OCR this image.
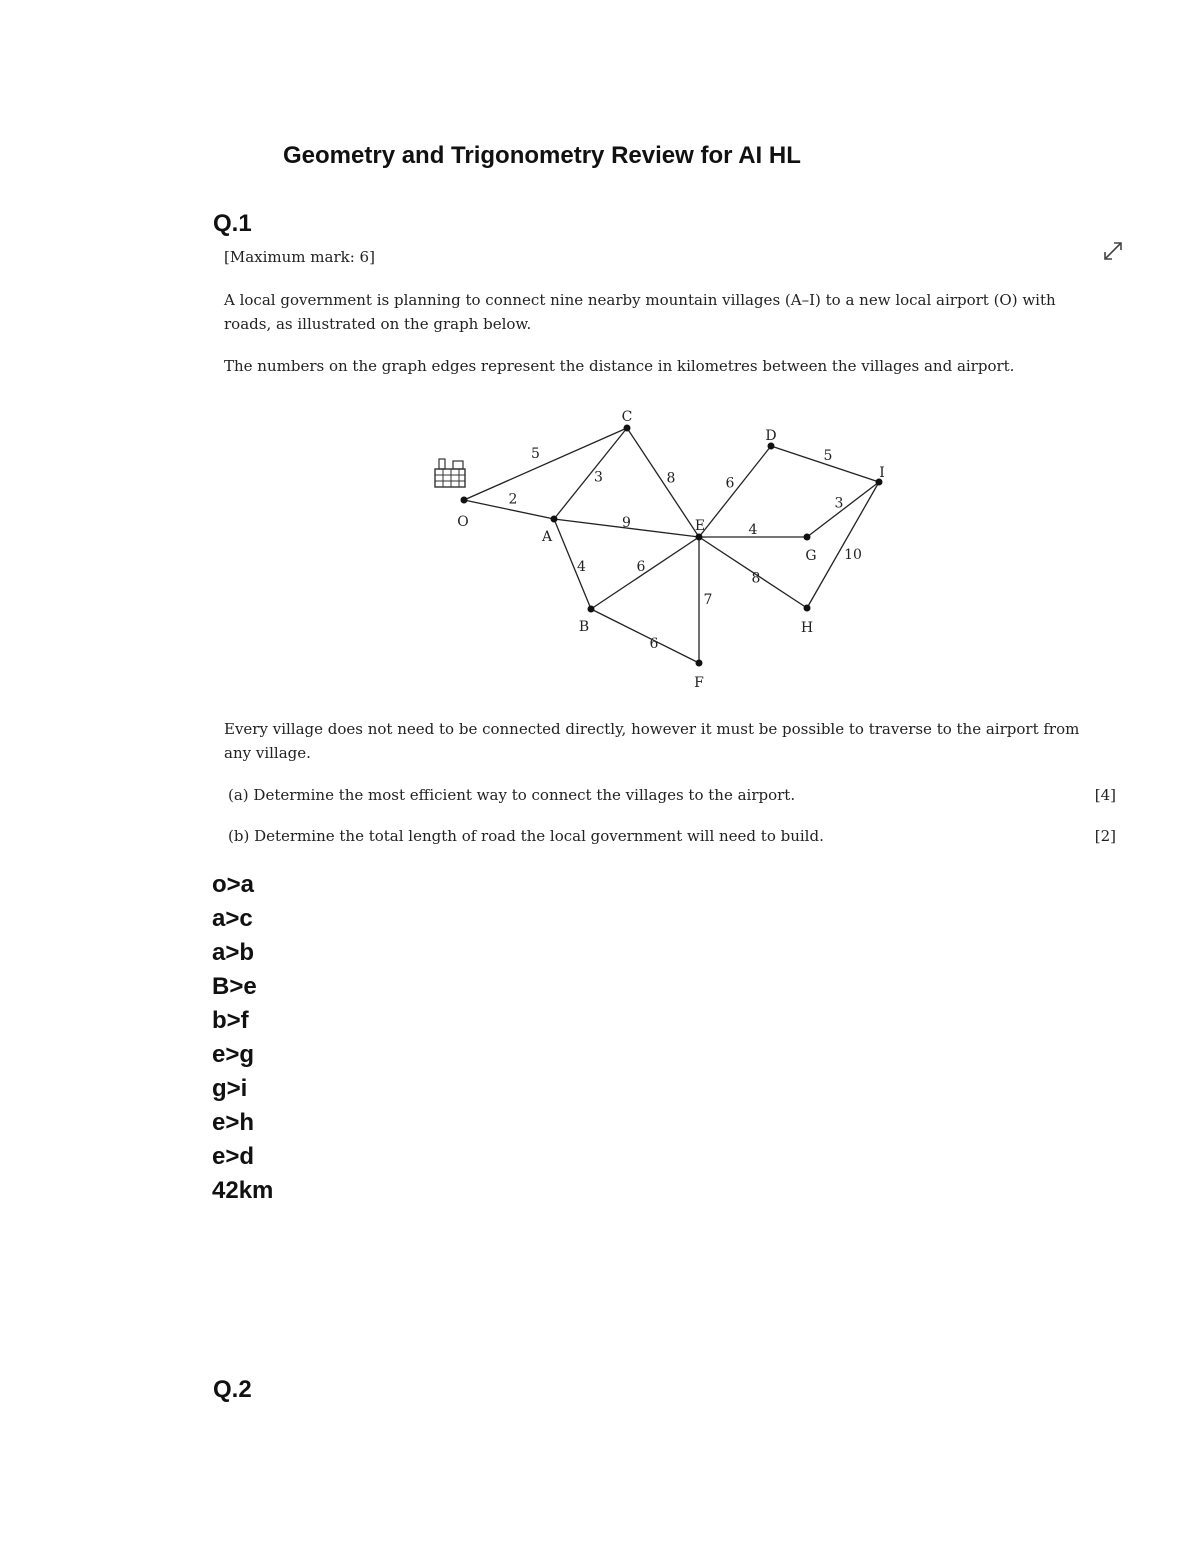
Geometry and Trigonometry Review for AI HL
Q.1
[Maximum mark: 6]
A local government is planning to connect nine nearby mountain villages (A–I) to a new local airport (O) with roads, as illustrated on the graph below.
The numbers on the graph edges represent the distance in kilometres between the villages and airport.
5
2
3	8
9
4	6
6
7
6
5
4
3
8
10
O
A
B
C
D
E
F
G
H
I
Every village does not need to be connected directly, however it must be possible to traverse to the airport from any village.
(a) Determine the most efficient way to connect the villages to the airport.	[4]
(b) Determine the total length of road the local government will need to build.	[2]
o>a
a>c
a>b
B>e
b>f
e>g
g>i
e>h
e>d
42km
Q.2
